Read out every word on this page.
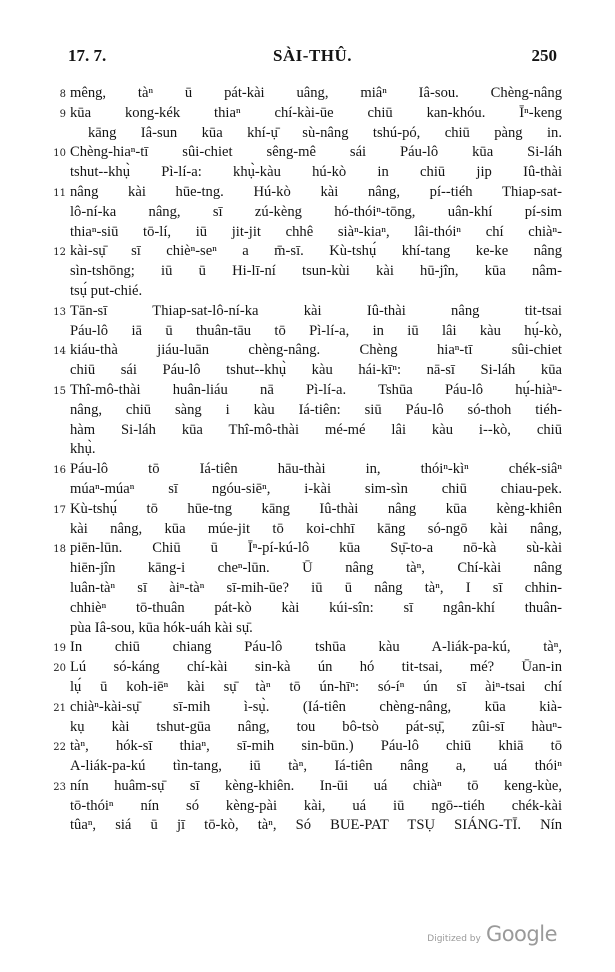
17. 7.	SÀI-THÛ.	250
8 mêng, tàⁿ ū pát-kài uâng, miâⁿ Iâ-sou. Chèng-nâng
9 kūa kong-kék thiaⁿ chí-kài-ūe chiū kan-khóu. Īⁿ-keng
kāng Iâ-sun kūa khí-ụ̄ sù-nâng tshú-pó, chiū pàng in.
10 Chèng-hiaⁿ-tī sûi-chiet sêng-mê sái Páu-lô kūa Si-láh
tshut--khụ̀ Pì-lí-a: khụ̀-kàu hú-kò in chiū jip Iû-thài
11 nâng kài hūe-tng. Hú-kò kài nâng, pí--tiéh Thiap-sat-
lô-ní-ka nâng, sī zú-kèng hó-thóiⁿ-tōng, uân-khí pí-sim
thiaⁿ-siū tō-lí, iū jit-jit chhê siàⁿ-kiaⁿ, lâi-thóiⁿ chí chiàⁿ-
12 kài-sụ̄ sī chièⁿ-seⁿ a m̄-sī. Kù-tshụ́ khí-tang ke-ke nâng
sìn-tshōng; iū ū Hi-lī-ní tsun-kùi kài hū-jîn, kūa nâm-
tsụ́ put-chié.
13 Tān-sī Thiap-sat-lô-ní-ka kài Iû-thài nâng tit-tsai
Páu-lô iā ū thuân-tāu tō Pì-lí-a, in iū lâi kàu hụ́-kò,
14 kiáu-thà jiáu-luān chèng-nâng. Chèng hiaⁿ-tī sûi-chiet
chiū sái Páu-lô tshut--khụ̀ kàu hái-kīⁿ: nā-sī Si-láh kūa
15 Thî-mô-thài huân-liáu nā Pì-lí-a. Tshūa Páu-lô hụ́-hiàⁿ-
nâng, chiū sàng i kàu Iá-tiên: siū Páu-lô só-thoh tiéh-
hàm Si-láh kūa Thî-mô-thài mé-mé lâi kàu i--kò, chiū
khụ̀.
16 Páu-lô tō Iá-tiên hāu-thài in, thóiⁿ-kìⁿ chék-siâⁿ
múaⁿ-múaⁿ sī ngóu-siēⁿ, i-kài sim-sìn chiū chiau-pek.
17 Kù-tshụ́ tō hūe-tng kāng Iû-thài nâng kūa kèng-khiên
kài nâng, kūa múe-jit tō koi-chhī kāng só-ngō kài nâng,
18 piēn-lūn. Chiū ū Īⁿ-pí-kú-lô kūa Sụ̄-to-a nō-kà sù-kài
hiēn-jîn kāng-i cheⁿ-lūn. Ū nâng tàⁿ, Chí-kài nâng
luân-tàⁿ sī àiⁿ-tàⁿ sī-mih-ūe? iū ū nâng tàⁿ, I sī chhin-
chhièⁿ tō-thuân pát-kò kài kúi-sîn: sī ngân-khí thuân-
pùa Iâ-sou, kūa hók-uáh kài sụ̄.
19 In chiū chiang Páu-lô tshūa kàu A-liák-pa-kú, tàⁿ,
20 Lú só-káng chí-kài sin-kà ún hó tit-tsai, mé? Ūan-in
lụ́ ū koh-iēⁿ kài sụ̄ tàⁿ tō ún-hīⁿ: só-íⁿ ún sī àiⁿ-tsai chí
21 chiàⁿ-kài-sụ̄ sī-mih ì-sụ̀. (Iá-tiên chèng-nâng, kūa kià-
kụ kài tshut-gūa nâng, tou bô-tsò pát-sụ̄, zûi-sī hàuⁿ-
22 tàⁿ, hók-sī thiaⁿ, sī-mih sin-būn.) Páu-lô chiū khiā tō
A-liák-pa-kú tìn-tang, iū tàⁿ, Iá-tiên nâng a, uá thóiⁿ
23 nín huâm-sụ̄ sī kèng-khiên. In-ūi uá chiàⁿ tō keng-kùe,
tō-thóiⁿ nín só kèng-pài kài, uá iū ngō--tiéh chék-kài
tûaⁿ, siá ū jī tō-kò, tàⁿ, Só BUE-PAT TSỤ SIÁNG-TĪ. Nín
Digitized by Google
